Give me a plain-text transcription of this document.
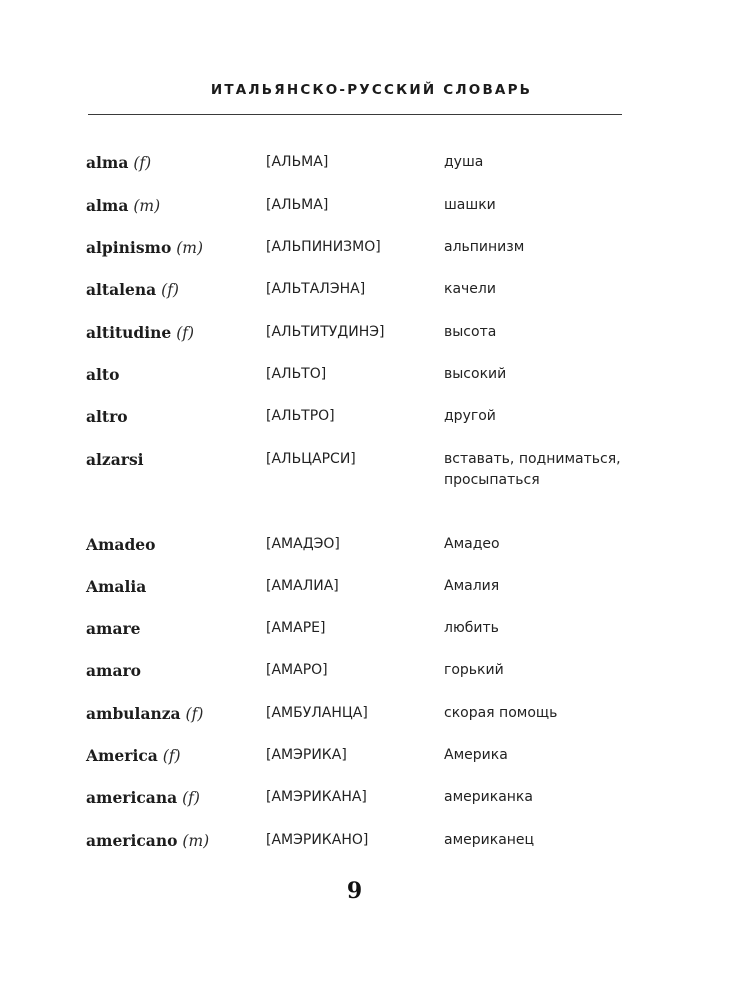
ИТАЛЬЯНСКО-РУССКИЙ СЛОВАРЬ
alma (f)	[АЛЬМА]	душа
alma (m)	[АЛЬМА]	шашки
alpinismo (m)	[АЛЬПИНИЗМО]	альпинизм
altalena (f)	[АЛЬТАЛЭНА]	качели
altitudine (f)	[АЛЬТИТУДИНЭ]	высота
alto	[АЛЬТО]	высокий
altro	[АЛЬТРО]	другой
alzarsi	[АЛЬЦАРСИ]	вставать, подниматься, просыпаться
Amadeo	[АМАДЭО]	Амадео
Amalia	[АМАЛИА]	Амалия
amare	[АМАРЕ]	любить
amaro	[АМАРО]	горький
ambulanza (f)	[АМБУЛАНЦА]	скорая помощь
America (f)	[АМЭРИКА]	Америка
americana (f)	[АМЭРИКАНА]	американка
americano (m)	[АМЭРИКАНО]	американец
9
